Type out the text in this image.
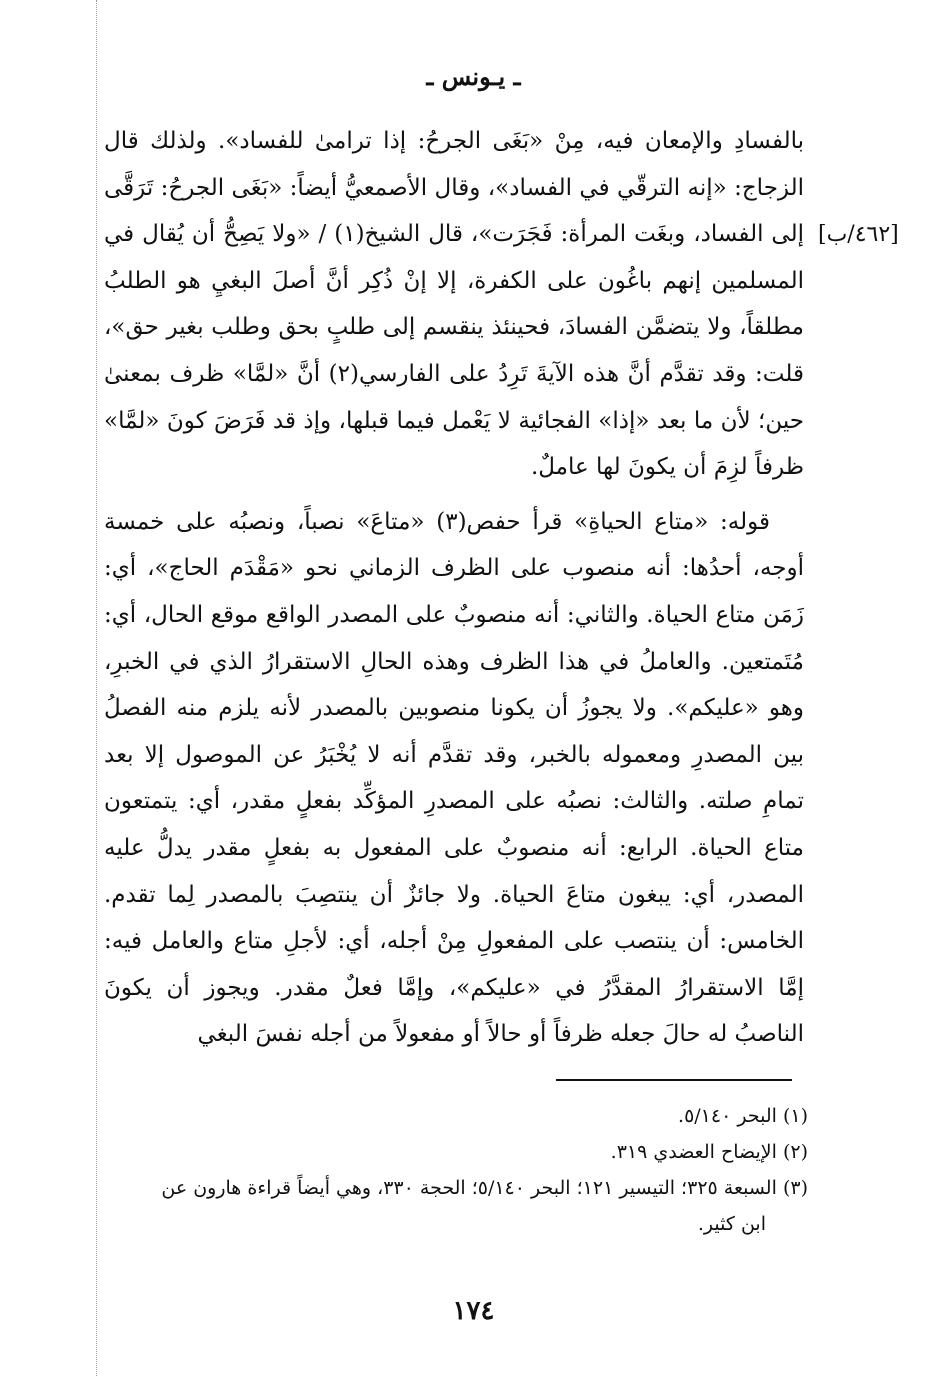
ـ يـونس ـ
[٤٦٢/ب]

بالفسادِ والإمعان فيه، مِنْ «بَغَى الجرحُ: إذا ترامىٰ للفساد». ولذلك قال الزجاج: «إنه الترقّي في الفساد»، وقال الأصمعيُّ أيضاً: «بَغَى الجرحُ: تَرَقَّى إلى الفساد، وبغَت المرأة: فَجَرَت»، قال الشيخ(١) / «ولا يَصِحُّ أن يُقال في المسلمين إنهم باغُون على الكفرة، إلا إنْ ذُكِر أنَّ أصلَ البغيِ هو الطلبُ مطلقاً، ولا يتضمَّن الفسادَ، فحينئذ ينقسم إلى طلبٍ بحق وطلب بغير حق»، قلت: وقد تقدَّم أنَّ هذه الآيةَ تَرِدُ على الفارسي(٢) أنَّ «لمَّا» ظرف بمعنىٰ حين؛ لأن ما بعد «إذا» الفجائية لا يَعْمل فيما قبلها، وإذ قد فَرَضَ كونَ «لمَّا» ظرفاً لزِمَ أن يكونَ لها عاملٌ.

قوله: «متاع الحياةِ» قرأ حفص(٣) «متاعَ» نصباً، ونصبُه على خمسة أوجه، أحدُها: أنه منصوب على الظرف الزماني نحو «مَقْدَم الحاج»، أي: زَمَن متاع الحياة. والثاني: أنه منصوبٌ على المصدر الواقع موقع الحال، أي: مُتَمتعين. والعاملُ في هذا الظرف وهذه الحالِ الاستقرارُ الذي في الخبرِ، وهو «عليكم». ولا يجوزُ أن يكونا منصوبين بالمصدر لأنه يلزم منه الفصلُ بين المصدرِ ومعموله بالخبر، وقد تقدَّم أنه لا يُخْبَرُ عن الموصول إلا بعد تمامِ صلته. والثالث: نصبُه على المصدرِ المؤكِّد بفعلٍ مقدر، أي: يتمتعون متاع الحياة. الرابع: أنه منصوبٌ على المفعول به بفعلٍ مقدر يدلُّ عليه المصدر، أي: يبغون متاعَ الحياة. ولا جائزٌ أن ينتصِبَ بالمصدر لِما تقدم. الخامس: أن ينتصب على المفعولِ مِنْ أجله، أي: لأجلِ متاع والعامل فيه: إمَّا الاستقرارُ المقدَّرُ في «عليكم»، وإمَّا فعلٌ مقدر. ويجوز أن يكونَ الناصبُ له حالَ جعله ظرفاً أو حالاً أو مفعولاً من أجله نفسَ البغي

(١) البحر ٥/١٤٠.

(٢) الإيضاح العضدي ٣١٩.

(٣) السبعة ٣٢٥؛ التيسير ١٢١؛ البحر ٥/١٤٠؛ الحجة ٣٣٠، وهي أيضاً قراءة هارون عن

ابن كثير.

١٧٤
